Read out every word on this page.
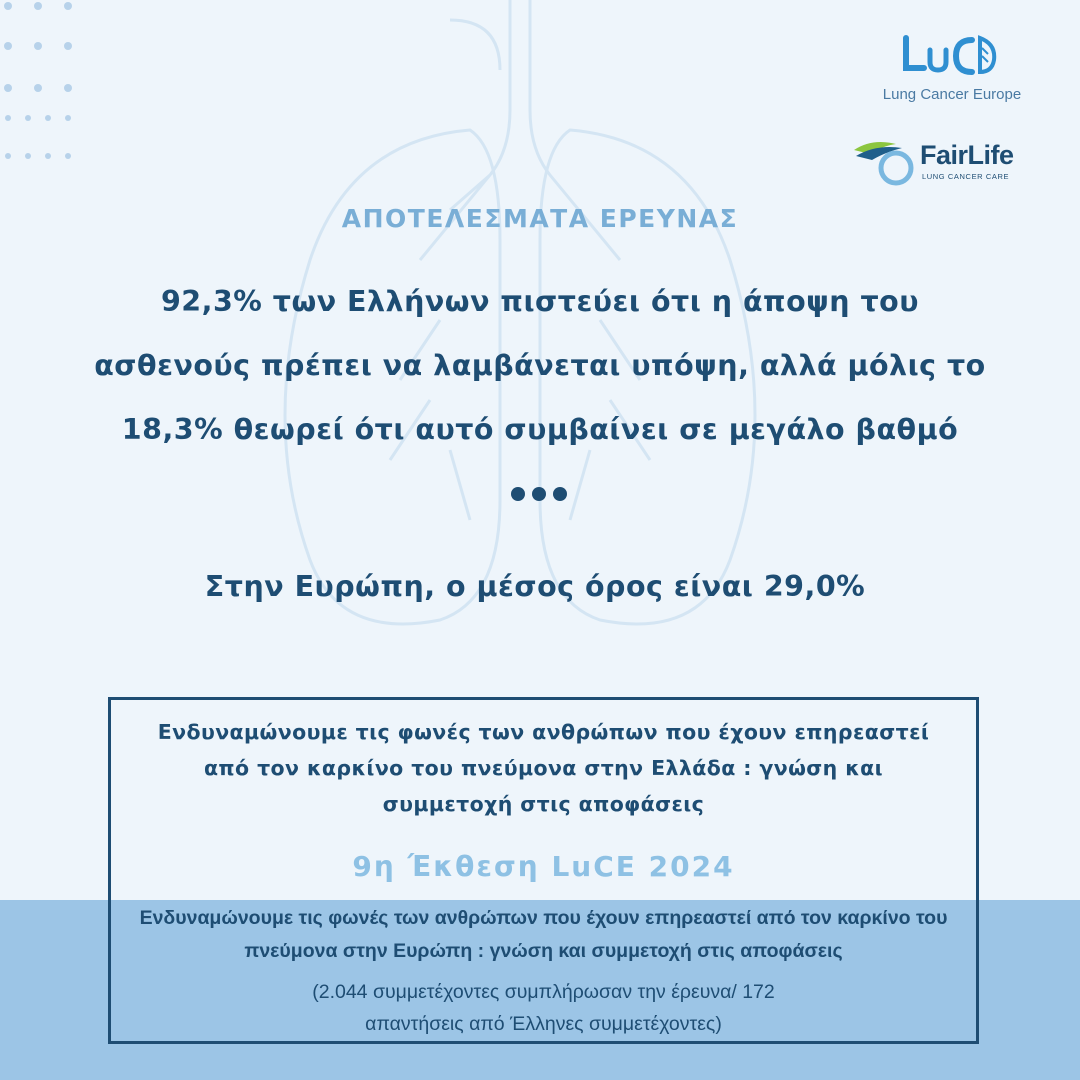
Lung Cancer Europe
FairLife
LUNG CANCER CARE
ΑΠΟΤΕΛΕΣΜΑΤΑ ΕΡΕΥΝΑΣ
92,3% των Ελλήνων πιστεύει ότι η άποψη του
ασθενούς πρέπει να λαμβάνεται υπόψη, αλλά μόλις το
18,3% θεωρεί ότι αυτό συμβαίνει σε μεγάλο βαθμό
Στην Ευρώπη, ο μέσος όρος είναι 29,0%
Ενδυναμώνουμε τις φωνές των ανθρώπων που έχουν επηρεαστεί
από τον καρκίνο του πνεύμονα στην Ελλάδα : γνώση και
συμμετοχή στις αποφάσεις
9η Έκθεση LuCE 2024
Ενδυναμώνουμε τις φωνές των ανθρώπων που έχουν επηρεαστεί από τον καρκίνο του
πνεύμονα στην Ευρώπη : γνώση και συμμετοχή στις αποφάσεις
(2.044 συμμετέχοντες συμπλήρωσαν την έρευνα/ 172
απαντήσεις από Έλληνες συμμετέχοντες)
